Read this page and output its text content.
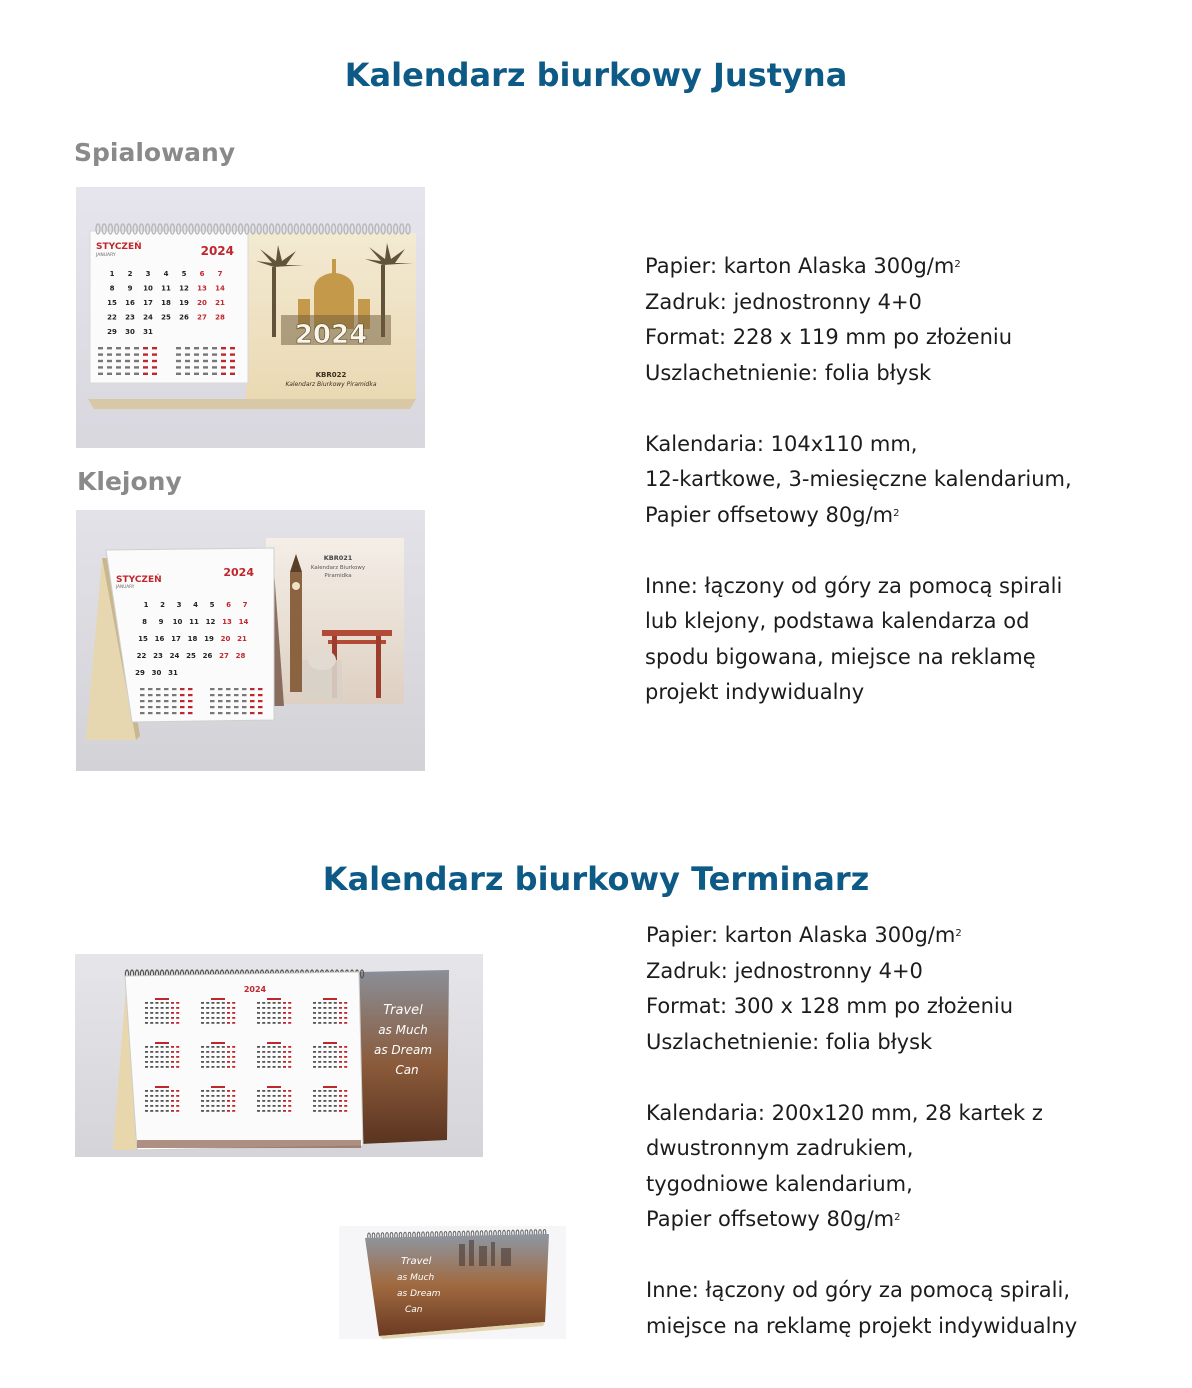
Kalendarz biurkowy Justyna
Spialowany
2024
KBR022
Kalendarz Biurkowy Piramidka
STYCZEŃ
JANUARY	2024
1 2 3 4 5 6 7
8 9 10 11 12 13 14
15 16 17 18 19 20 21
22 23 24 25 26 27 28
29 30 31
Klejony
KBR021
Kalendarz Biurkowy
Piramidka
STYCZEŃ
JANUARY
2024
1 2 3 4 5 6 7
8 9 10 11 12 13 14
15 16 17 18 19 20 21
22 23 24 25 26 27 28
29 30 31
Papier: karton Alaska $300g/m^2$
Zadruk: jednostronny 4+0
Format: 228 x 119 mm po złożeniu
Uszlachetnienie: folia błysk
Kalendaria: 104x110 mm,
12-kartkowe, 3-miesięczne kalendarium,
Papier offsetowy $80g/m^2$
Inne: łączony od góry za pomocą spirali
lub klejony, podstawa kalendarza od
spodu bigowana, miejsce na reklamę
projekt indywidualny
Kalendarz biurkowy Terminarz
Travel
as Much
as Dream
Can
2024
Travel
as Much
as Dream
Can
Papier: karton Alaska $300g/m^2$
Zadruk: jednostronny 4+0
Format: 300 x 128 mm po złożeniu
Uszlachetnienie: folia błysk
Kalendaria: 200x120 mm, 28 kartek z
dwustronnym zadrukiem,
tygodniowe kalendarium,
Papier offsetowy $80g/m^2$
Inne: łączony od góry za pomocą spirali,
miejsce na reklamę projekt indywidualny
